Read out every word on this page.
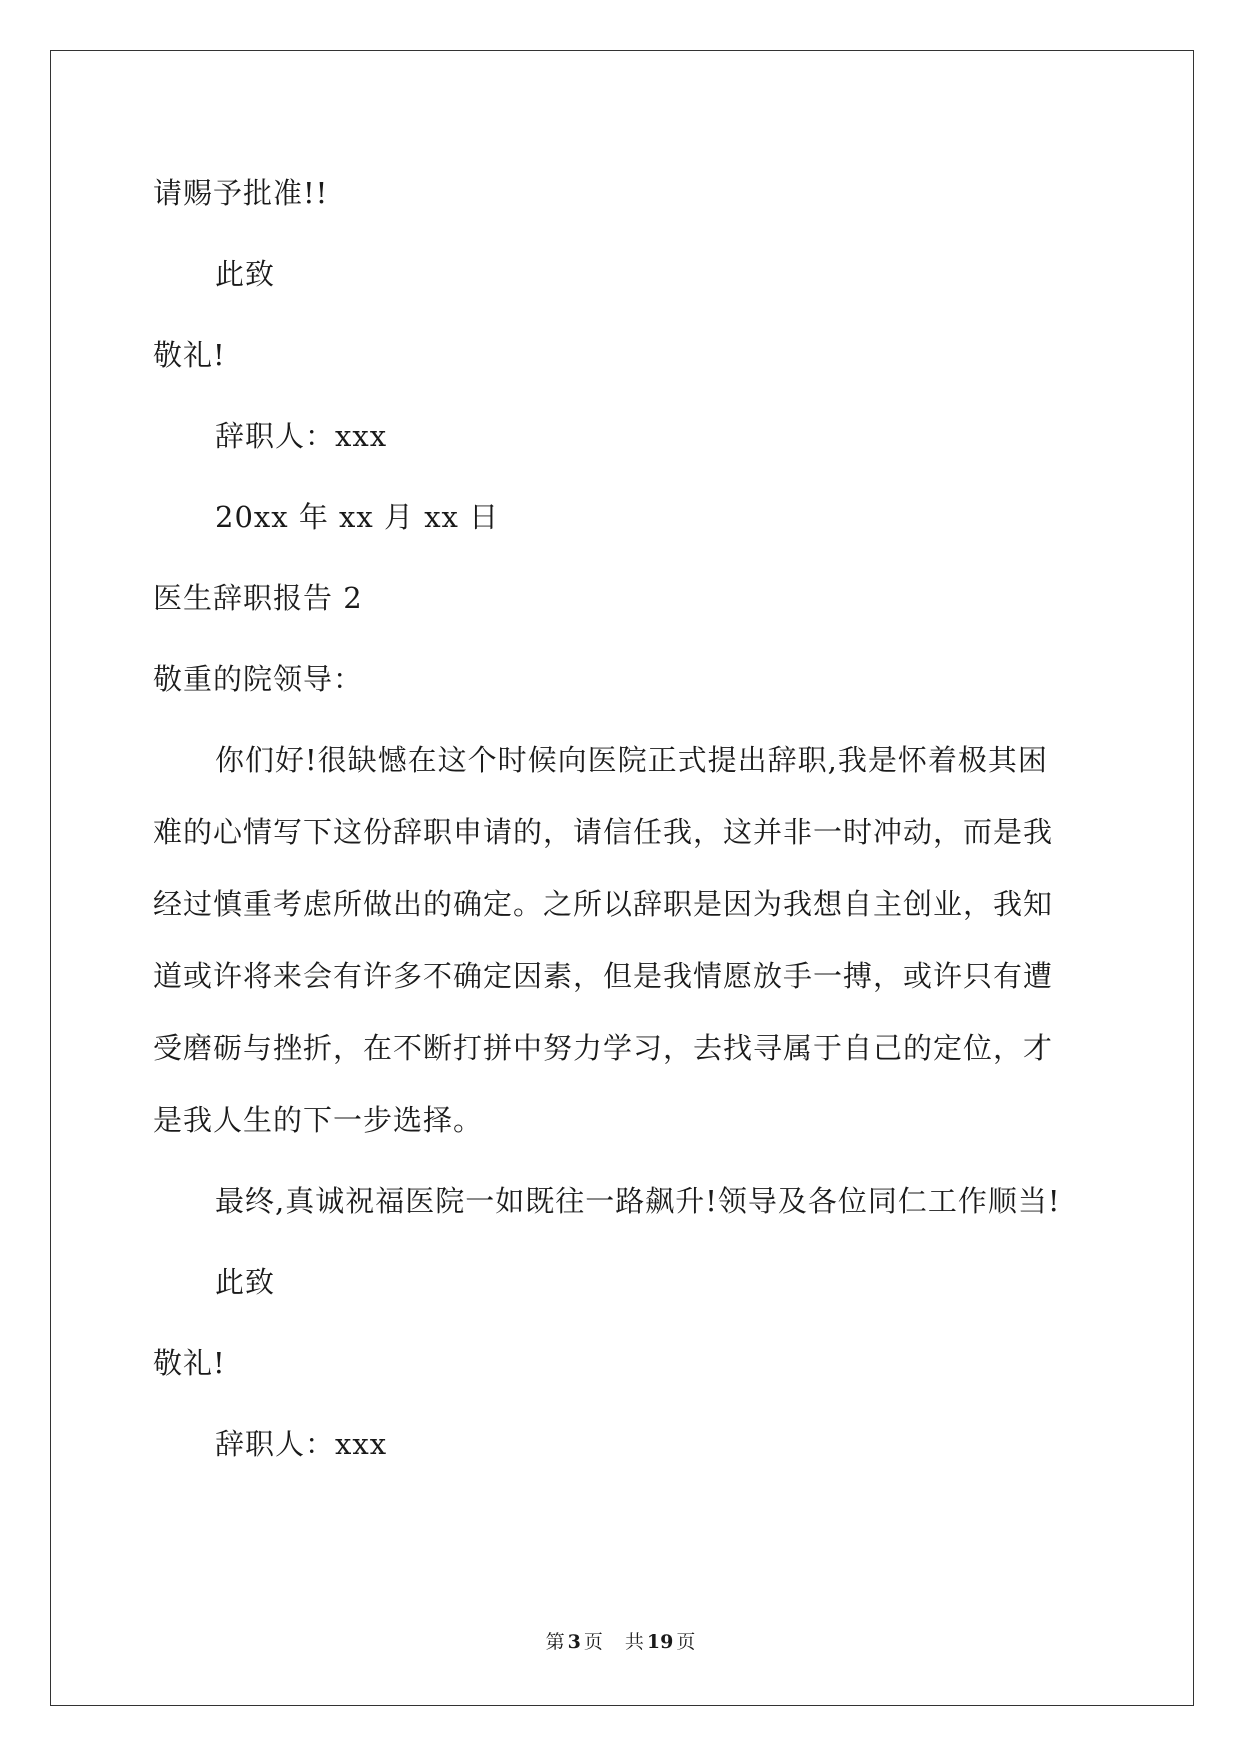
请赐予批准!!
此致
敬礼!
辞职人：xxx
20xx 年 xx 月 xx 日
医生辞职报告 2
敬重的院领导：
你们好!很缺憾在这个时候向医院正式提出辞职,我是怀着极其困
难的心情写下这份辞职申请的，请信任我，这并非一时冲动，而是我
经过慎重考虑所做出的确定。之所以辞职是因为我想自主创业，我知
道或许将来会有许多不确定因素，但是我情愿放手一搏，或许只有遭
受磨砺与挫折，在不断打拼中努力学习，去找寻属于自己的定位，才
是我人生的下一步选择。
最终,真诚祝福医院一如既往一路飙升!领导及各位同仁工作顺当!
此致
敬礼!
辞职人：xxx
第 3 页 共 19 页
